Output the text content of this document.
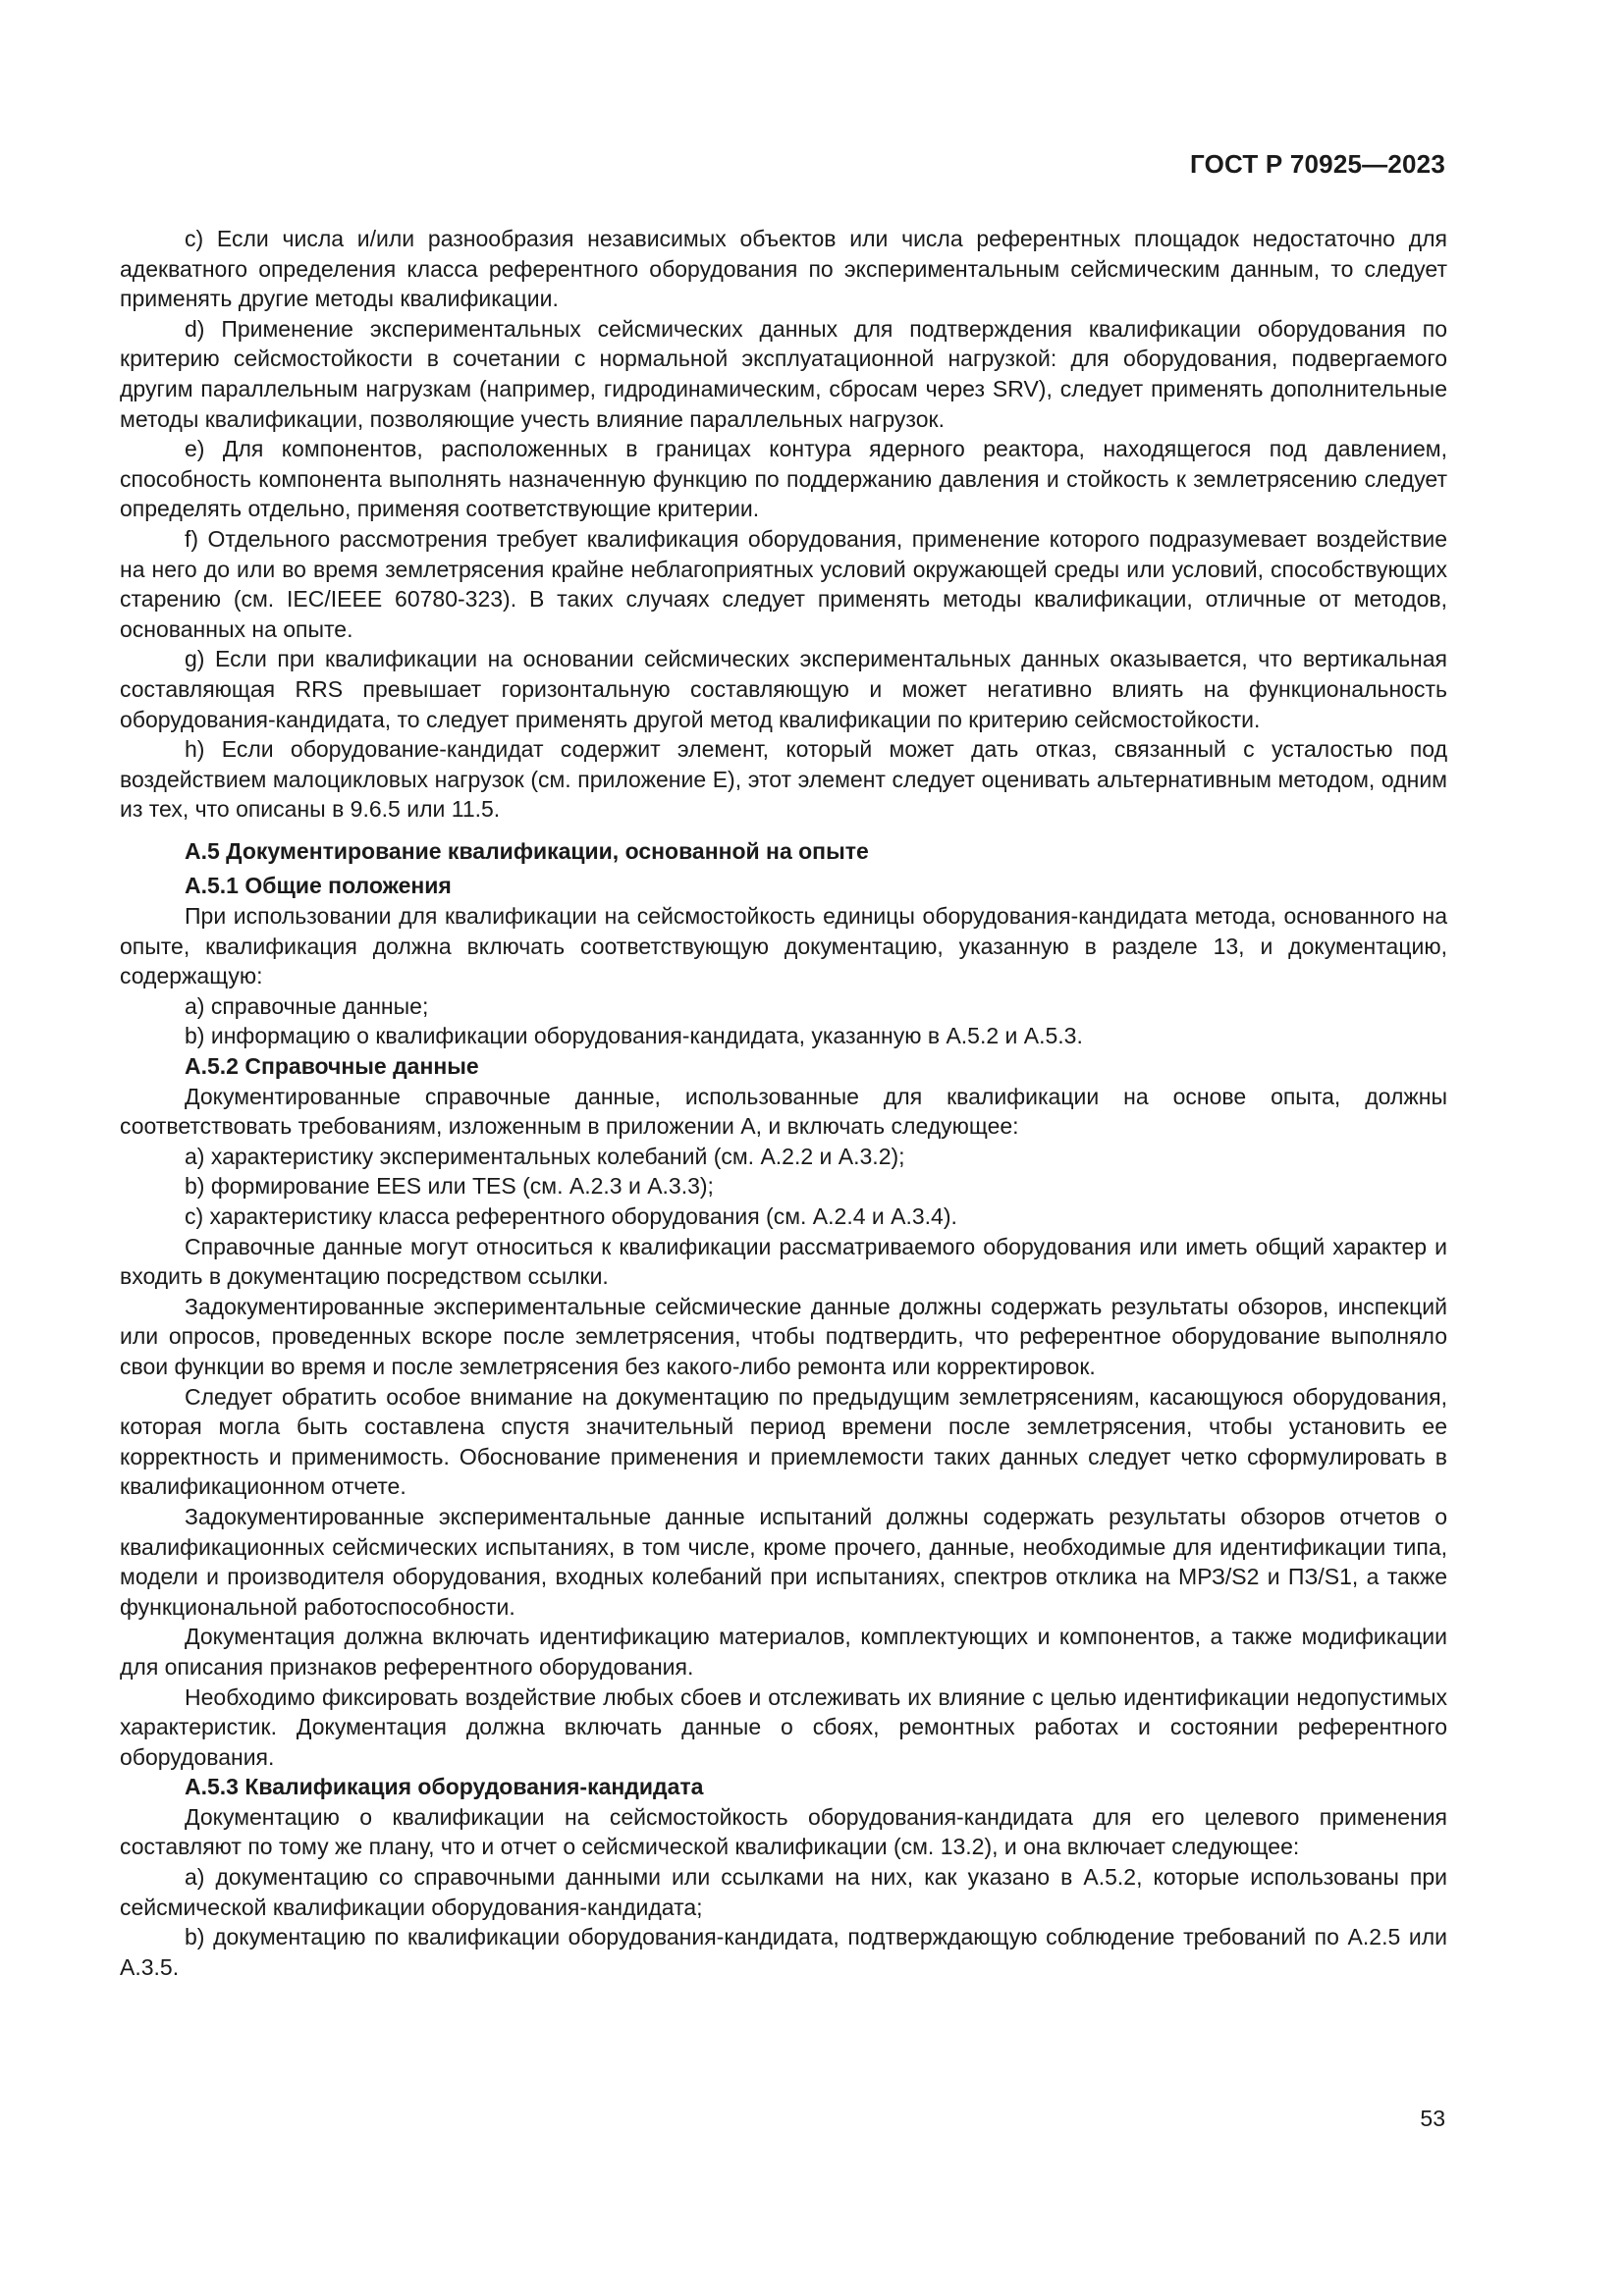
ГОСТ Р 70925—2023

c) Если числа и/или разнообразия независимых объектов или числа референтных площадок недостаточно для адекватного определения класса референтного оборудования по экспериментальным сейсмическим данным, то следует применять другие методы квалификации.

d) Применение экспериментальных сейсмических данных для подтверждения квалификации оборудования по критерию сейсмостойкости в сочетании с нормальной эксплуатационной нагрузкой: для оборудования, подвергаемого другим параллельным нагрузкам (например, гидродинамическим, сбросам через SRV), следует применять дополнительные методы квалификации, позволяющие учесть влияние параллельных нагрузок.

e) Для компонентов, расположенных в границах контура ядерного реактора, находящегося под давлением, способность компонента выполнять назначенную функцию по поддержанию давления и стойкость к землетрясению следует определять отдельно, применяя соответствующие критерии.

f) Отдельного рассмотрения требует квалификация оборудования, применение которого подразумевает воздействие на него до или во время землетрясения крайне неблагоприятных условий окружающей среды или условий, способствующих старению (см. IEC/IEEE 60780-323). В таких случаях следует применять методы квалификации, отличные от методов, основанных на опыте.

g) Если при квалификации на основании сейсмических экспериментальных данных оказывается, что вертикальная составляющая RRS превышает горизонтальную составляющую и может негативно влиять на функциональность оборудования-кандидата, то следует применять другой метод квалификации по критерию сейсмостойкости.

h) Если оборудование-кандидат содержит элемент, который может дать отказ, связанный с усталостью под воздействием малоцикловых нагрузок (см. приложение E), этот элемент следует оценивать альтернативным методом, одним из тех, что описаны в 9.6.5 или 11.5.

А.5 Документирование квалификации, основанной на опыте
А.5.1 Общие положения

При использовании для квалификации на сейсмостойкость единицы оборудования-кандидата метода, основанного на опыте, квалификация должна включать соответствующую документацию, указанную в разделе 13, и документацию, содержащую:

a) справочные данные;

b) информацию о квалификации оборудования-кандидата, указанную в А.5.2 и А.5.3.

А.5.2 Справочные данные

Документированные справочные данные, использованные для квалификации на основе опыта, должны соответствовать требованиям, изложенным в приложении А, и включать следующее:

a) характеристику экспериментальных колебаний (см. А.2.2 и А.3.2);

b) формирование EES или TES (см. А.2.3 и А.3.3);

c) характеристику класса референтного оборудования (см. А.2.4 и А.3.4).

Справочные данные могут относиться к квалификации рассматриваемого оборудования или иметь общий характер и входить в документацию посредством ссылки.

Задокументированные экспериментальные сейсмические данные должны содержать результаты обзоров, инспекций или опросов, проведенных вскоре после землетрясения, чтобы подтвердить, что референтное оборудование выполняло свои функции во время и после землетрясения без какого-либо ремонта или корректировок.

Следует обратить особое внимание на документацию по предыдущим землетрясениям, касающуюся оборудования, которая могла быть составлена спустя значительный период времени после землетрясения, чтобы установить ее корректность и применимость. Обоснование применения и приемлемости таких данных следует четко сформулировать в квалификационном отчете.

Задокументированные экспериментальные данные испытаний должны содержать результаты обзоров отчетов о квалификационных сейсмических испытаниях, в том числе, кроме прочего, данные, необходимые для идентификации типа, модели и производителя оборудования, входных колебаний при испытаниях, спектров отклика на МРЗ/S2 и ПЗ/S1, а также функциональной работоспособности.

Документация должна включать идентификацию материалов, комплектующих и компонентов, а также модификации для описания признаков референтного оборудования.

Необходимо фиксировать воздействие любых сбоев и отслеживать их влияние с целью идентификации недопустимых характеристик. Документация должна включать данные о сбоях, ремонтных работах и состоянии референтного оборудования.

А.5.3 Квалификация оборудования-кандидата

Документацию о квалификации на сейсмостойкость оборудования-кандидата для его целевого применения составляют по тому же плану, что и отчет о сейсмической квалификации (см. 13.2), и она включает следующее:

a) документацию со справочными данными или ссылками на них, как указано в А.5.2, которые использованы при сейсмической квалификации оборудования-кандидата;

b) документацию по квалификации оборудования-кандидата, подтверждающую соблюдение требований по А.2.5 или А.3.5.

53
